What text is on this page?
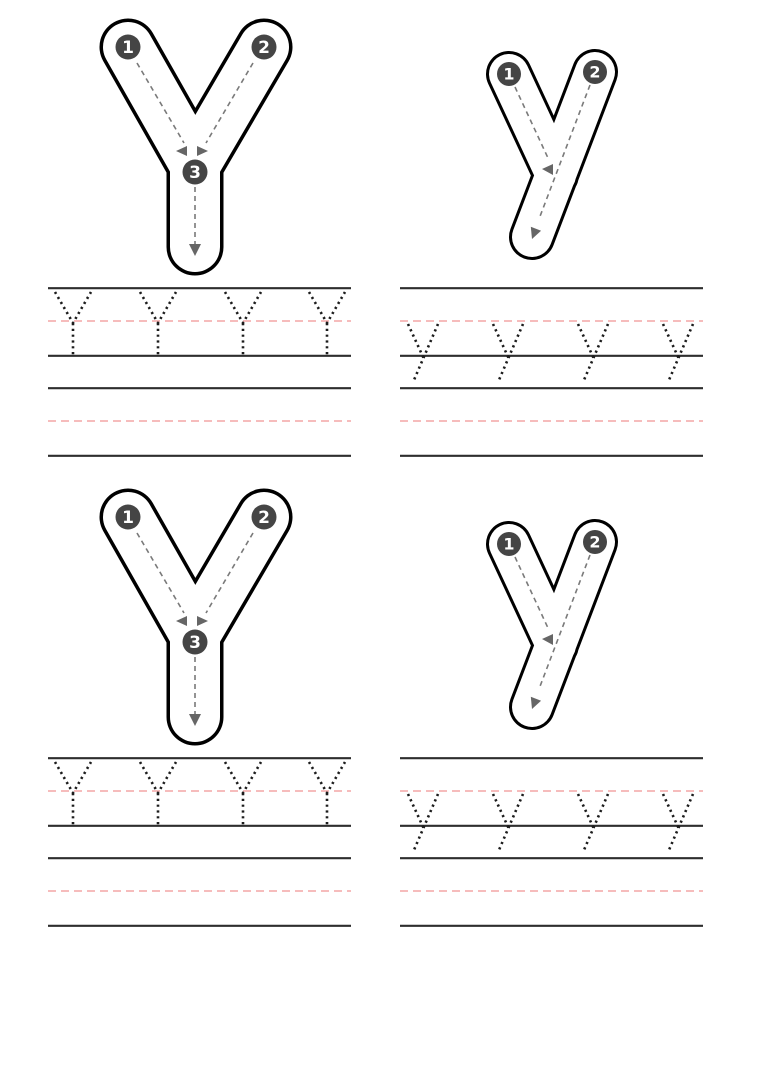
1	2
3
1
